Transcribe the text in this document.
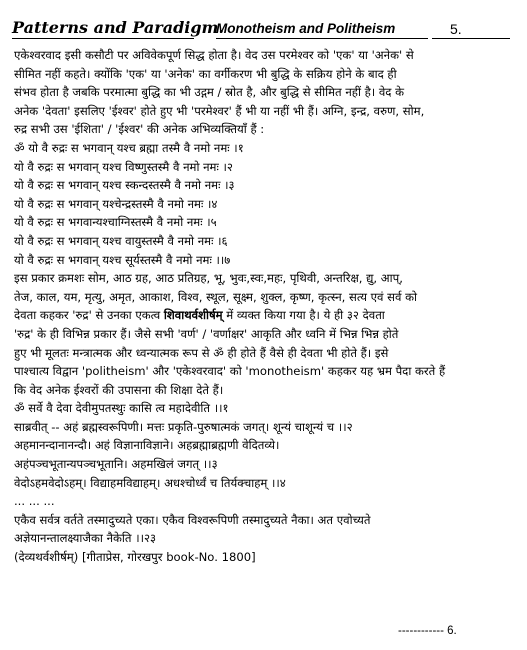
Patterns and Paradigm.
Monotheism and Politheism	5.
एकेश्वरवाद इसी कसौटी पर अविवेकपूर्ण सिद्ध होता है। वेद उस परमेश्वर को 'एक' या 'अनेक' से
सीमित नहीं कहते। क्योंकि 'एक' या 'अनेक' का वर्गीकरण भी बुद्धि के सक्रिय होने के बाद ही
संभव होता है जबकि परमात्मा बुद्धि का भी उद्गम / स्रोत है, और बुद्धि से सीमित नहीं है। वेद के
अनेक 'देवता' इसलिए 'ईश्वर' होते हुए भी 'परमेश्वर' हैं भी या नहीं भी हैं। अग्नि, इन्द्र, वरुण, सोम,
रुद्र सभी उस 'ईशिता' / 'ईश्वर' की अनेक अभिव्यक्तियाँ हैं :
ॐ यो वै रुद्रः स भगवान् यश्च ब्रह्मा तस्मै वै नमो नमः ।१
यो वै रुद्रः स भगवान् यश्च विष्णुस्तस्मै वै नमो नमः ।२
यो वै रुद्रः स भगवान् यश्च स्कन्दस्तस्मै वै नमो नमः ।३
यो वै रुद्रः स भगवान् यश्चेन्द्रस्तस्मै वै नमो नमः ।४
यो वै रुद्रः स भगवान्यश्चाग्निस्तस्मै वै नमो नमः ।५
यो वै रुद्रः स भगवान् यश्च वायुस्तस्मै वै नमो नमः ।६
यो वै रुद्रः स भगवान् यश्च सूर्यस्तस्मै वै नमो नमः ।।७
इस प्रकार क्रमशः सोम, आठ ग्रह, आठ प्रतिग्रह, भू, भुवः,स्वः,महः, पृथिवी, अन्तरिक्ष, द्यु, आप्,
तेज, काल, यम, मृत्यु, अमृत, आकाश, विश्व, स्थूल, सूक्ष्म, शुक्ल, कृष्ण, कृत्स्न, सत्य एवं सर्व को
देवता कहकर 'रुद्र' से उनका एकत्व शिवाथर्वशीर्षम् में व्यक्त किया गया है। ये ही ३२ देवता
'रुद्र' के ही विभिन्न प्रकार हैं। जैसे सभी 'वर्ण' / 'वर्णाक्षर' आकृति और ध्वनि में भिन्न भिन्न होते
हुए भी मूलतः मन्त्रात्मक और ध्वन्यात्मक रूप से ॐ ही होते हैं वैसे ही देवता भी होते हैं। इसे
पाश्चात्य विद्वान 'politheism' और 'एकेश्वरवाद' को 'monotheism' कहकर यह भ्रम पैदा करते हैं
कि वेद अनेक ईश्वरों की उपासना की शिक्षा देते हैं।
ॐ सर्वे वै देवा देवीमुपतस्थुः कासि त्व महादेवीति ।।१
साब्रवीत् -- अहं ब्रह्मस्वरूपिणी। मत्तः प्रकृति-पुरुषात्मकं जगत्। शून्यं चाशून्यं च ।।२
अहमानन्दानानन्दौ। अहं विज्ञानाविज्ञाने। अहब्रह्माब्रह्मणी वेदितव्ये।
अहंपञ्चभूतान्यपञ्चभूतानि। अहमखिलं जगत् ।।३
वेदोऽहमवेदोऽहम्। विद्याहमविद्याहम्। अधश्चोर्ध्वं च तिर्यक्चाहम् ।।४
... ... ...
एकैव सर्वत्र वर्तते तस्मादुच्यते एका। एकैव विश्वरूपिणी तस्मादुच्यते नैका। अत एवोच्यते
अज्ञेयानन्तालक्ष्याजैका नैकेति ।।२३
(देव्यथर्वशीर्षम्) [गीताप्रेस, गोरखपुर book-No. 1800]
------------ 6.
